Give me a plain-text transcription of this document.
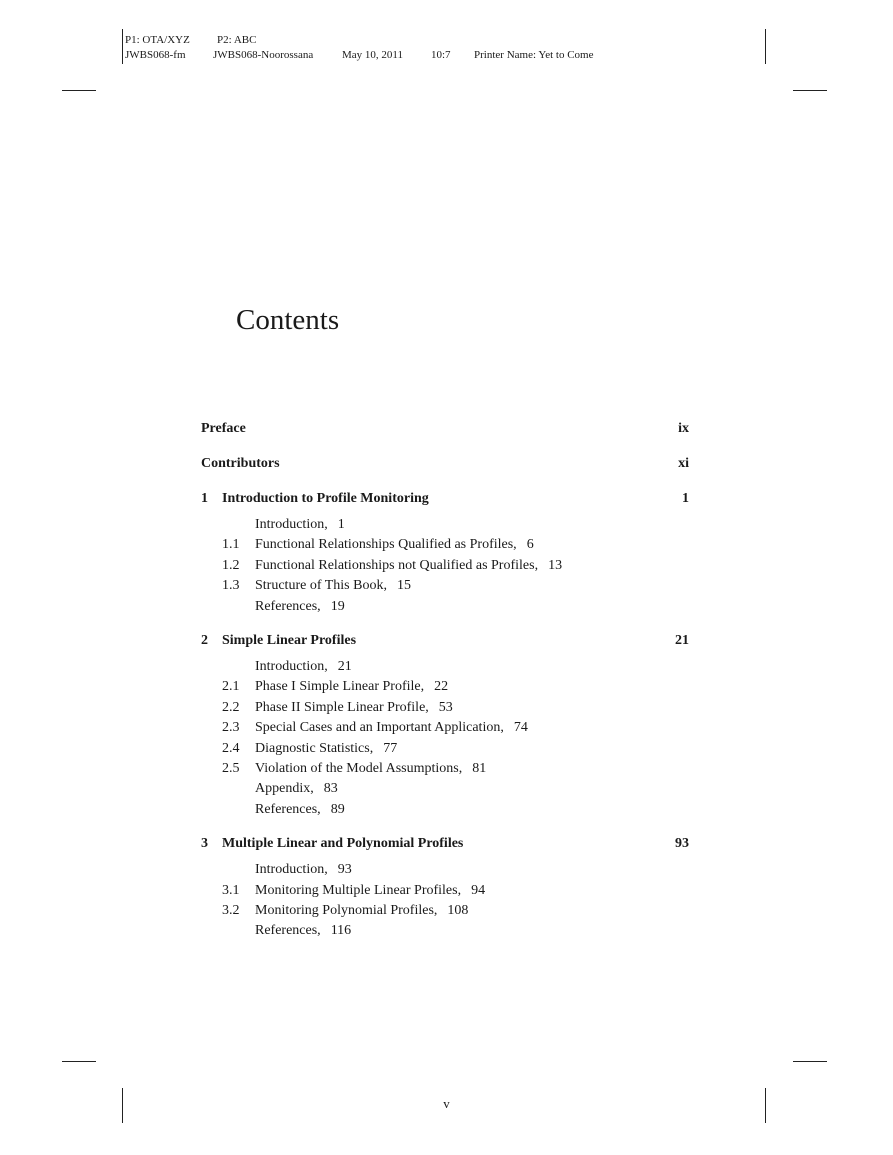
P1: OTA/XYZ P2: ABC
JWBS068-fm	JWBS068-Noorossana	May 10, 2011	10:7 Printer Name: Yet to Come
Contents
Preface	ix
Contributors	xi
1 Introduction to Profile Monitoring	1
Introduction, 1
1.1 Functional Relationships Qualified as Profiles, 6
1.2 Functional Relationships not Qualified as Profiles, 13
1.3 Structure of This Book, 15
References, 19
2 Simple Linear Profiles	21
Introduction, 21
2.1 Phase I Simple Linear Profile, 22
2.2 Phase II Simple Linear Profile, 53
2.3 Special Cases and an Important Application, 74
2.4 Diagnostic Statistics, 77
2.5 Violation of the Model Assumptions, 81
Appendix, 83
References, 89
3 Multiple Linear and Polynomial Profiles	93
Introduction, 93
3.1 Monitoring Multiple Linear Profiles, 94
3.2 Monitoring Polynomial Profiles, 108
References, 116
v
